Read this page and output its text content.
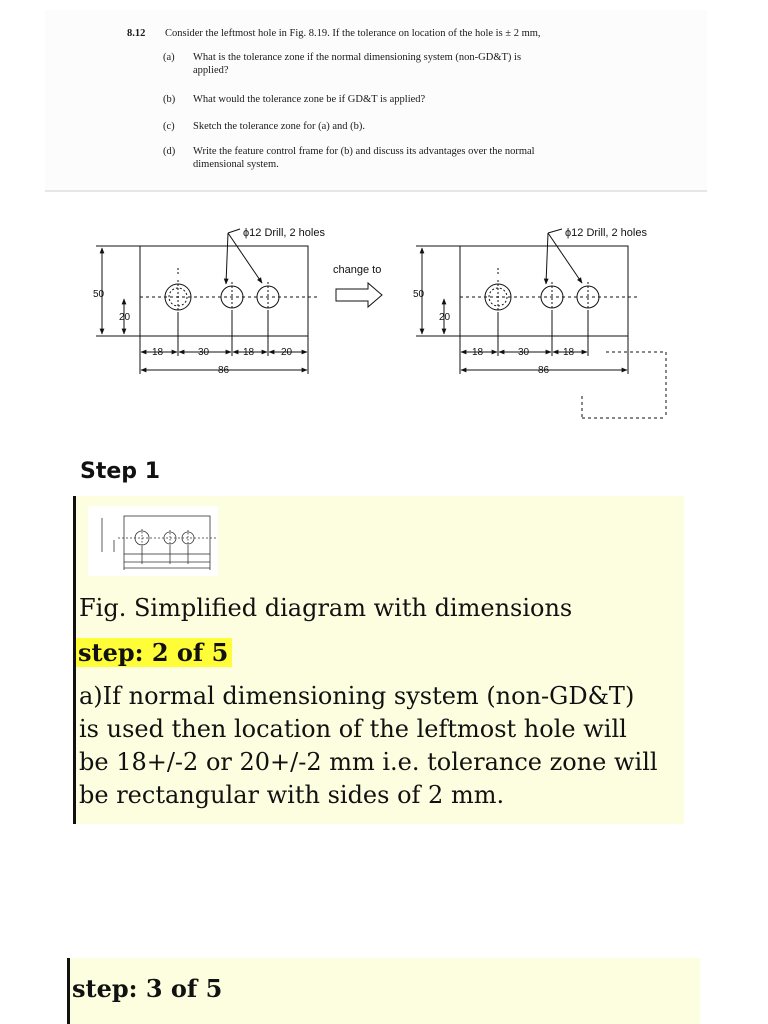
8.12 Consider the leftmost hole in Fig. 8.19. If the tolerance on location of the hole is ± 2 mm,
(a) What is the tolerance zone if the normal dimensioning system (non-GD&T) is
applied?
(b) What would the tolerance zone be if GD&T is applied?
(c) Sketch the tolerance zone for (a) and (b).
(d) Write the feature control frame for (b) and discuss its advantages over the normal
dimensional system.
ϕ12 Drill, 2 holes
50
20
18	30	18	20
86
change to
ϕ12 Drill, 2 holes
50
20
18	30	18
86
Step 1
Fig. Simplified diagram with dimensions
step: 2 of 5
a)If normal dimensioning system (non-GD&T)
is used then location of the leftmost hole will
be 18+/-2 or 20+/-2 mm i.e. tolerance zone will
be rectangular with sides of 2 mm.
step: 3 of 5
